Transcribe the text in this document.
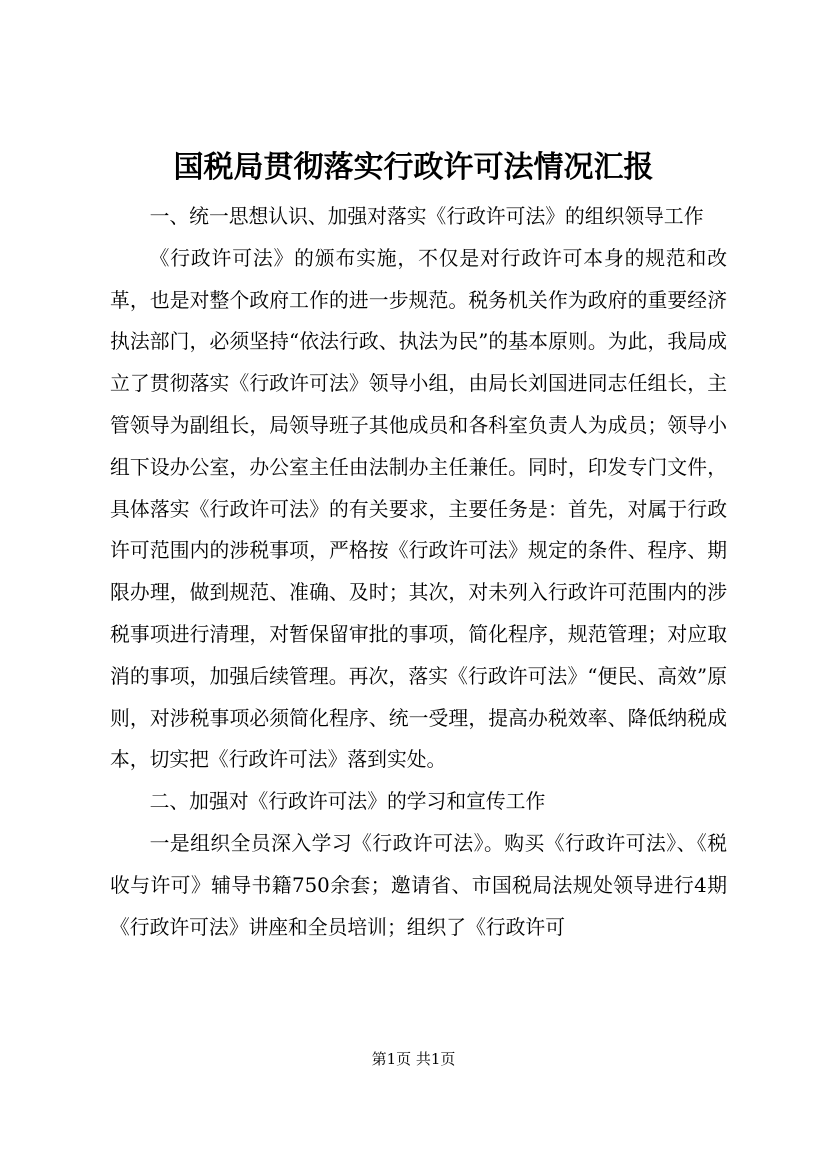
国税局贯彻落实行政许可法情况汇报

一、统一思想认识、加强对落实《行政许可法》的组织领导工作

《行政许可法》的颁布实施，不仅是对行政许可本身的规范和改革，也是对整个政府工作的进一步规范。税务机关作为政府的重要经济执法部门，必须坚持“依法行政、执法为民”的基本原则。为此，我局成立了贯彻落实《行政许可法》领导小组，由局长刘国进同志任组长，主管领导为副组长，局领导班子其他成员和各科室负责人为成员；领导小组下设办公室，办公室主任由法制办主任兼任。同时，印发专门文件，具体落实《行政许可法》的有关要求，主要任务是：首先，对属于行政许可范围内的涉税事项，严格按《行政许可法》规定的条件、程序、期限办理，做到规范、准确、及时；其次，对未列入行政许可范围内的涉税事项进行清理，对暂保留审批的事项，简化程序，规范管理；对应取消的事项，加强后续管理。再次，落实《行政许可法》“便民、高效”原则，对涉税事项必须简化程序、统一受理，提高办税效率、降低纳税成本，切实把《行政许可法》落到实处。

二、加强对《行政许可法》的学习和宣传工作

一是组织全员深入学习《行政许可法》。购买《行政许可法》、《税收与许可》辅导书籍750余套；邀请省、市国税局法规处领导进行4期《行政许可法》讲座和全员培训；组织了《行政许可

第1页 共1页
